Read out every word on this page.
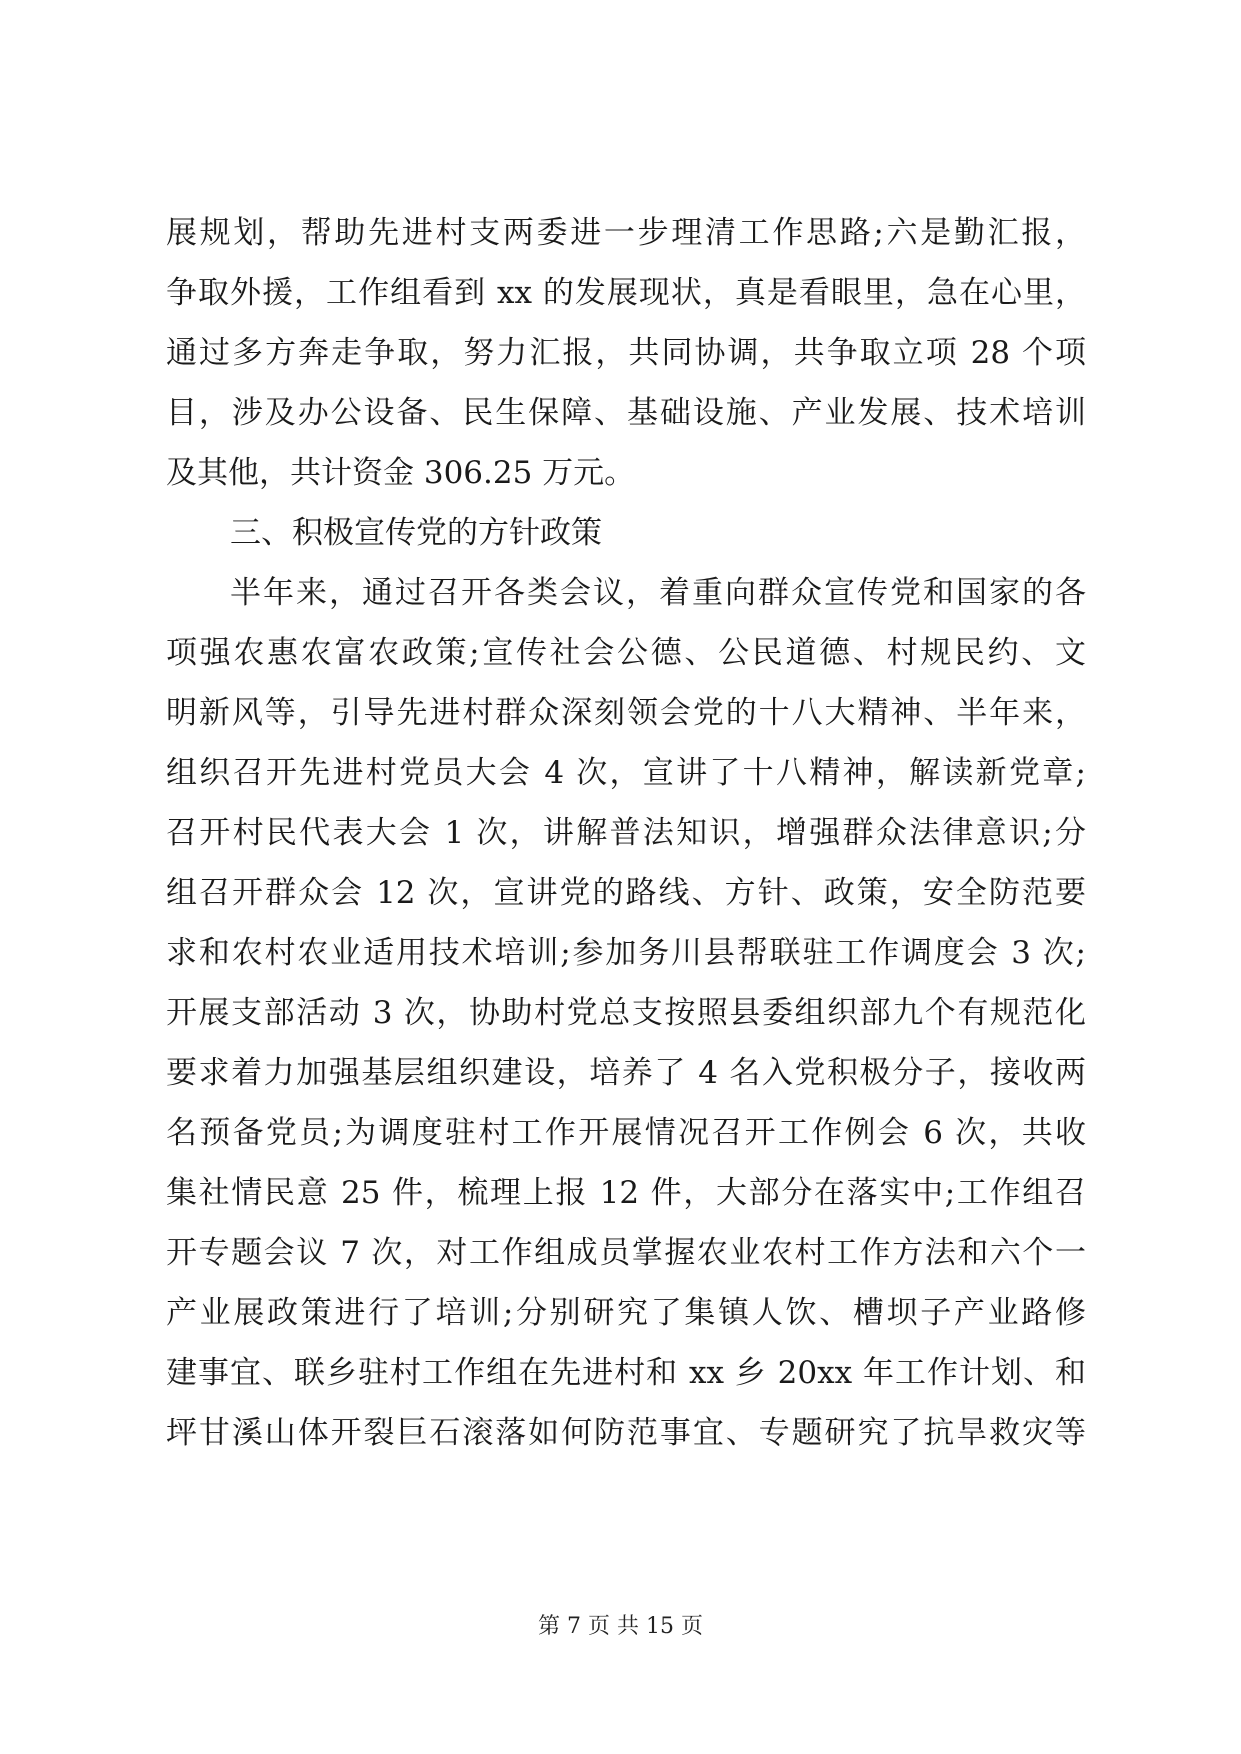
展规划，帮助先进村支两委进一步理清工作思路;六是勤汇报，
争取外援，工作组看到 xx 的发展现状，真是看眼里，急在心里，
通过多方奔走争取，努力汇报，共同协调，共争取立项 28 个项
目，涉及办公设备、民生保障、基础设施、产业发展、技术培训
及其他，共计资金 306.25 万元。
三、积极宣传党的方针政策
半年来，通过召开各类会议，着重向群众宣传党和国家的各
项强农惠农富农政策;宣传社会公德、公民道德、村规民约、文
明新风等，引导先进村群众深刻领会党的十八大精神、半年来，
组织召开先进村党员大会 4 次，宣讲了十八精神，解读新党章;
召开村民代表大会 1 次，讲解普法知识，增强群众法律意识;分
组召开群众会 12 次，宣讲党的路线、方针、政策，安全防范要
求和农村农业适用技术培训;参加务川县帮联驻工作调度会 3 次;
开展支部活动 3 次，协助村党总支按照县委组织部九个有规范化
要求着力加强基层组织建设，培养了 4 名入党积极分子，接收两
名预备党员;为调度驻村工作开展情况召开工作例会 6 次，共收
集社情民意 25 件，梳理上报 12 件，大部分在落实中;工作组召
开专题会议 7 次，对工作组成员掌握农业农村工作方法和六个一
产业展政策进行了培训;分别研究了集镇人饮、槽坝子产业路修
建事宜、联乡驻村工作组在先进村和 xx 乡 20xx 年工作计划、和
坪甘溪山体开裂巨石滚落如何防范事宜、专题研究了抗旱救灾等
第 7 页 共 15 页
